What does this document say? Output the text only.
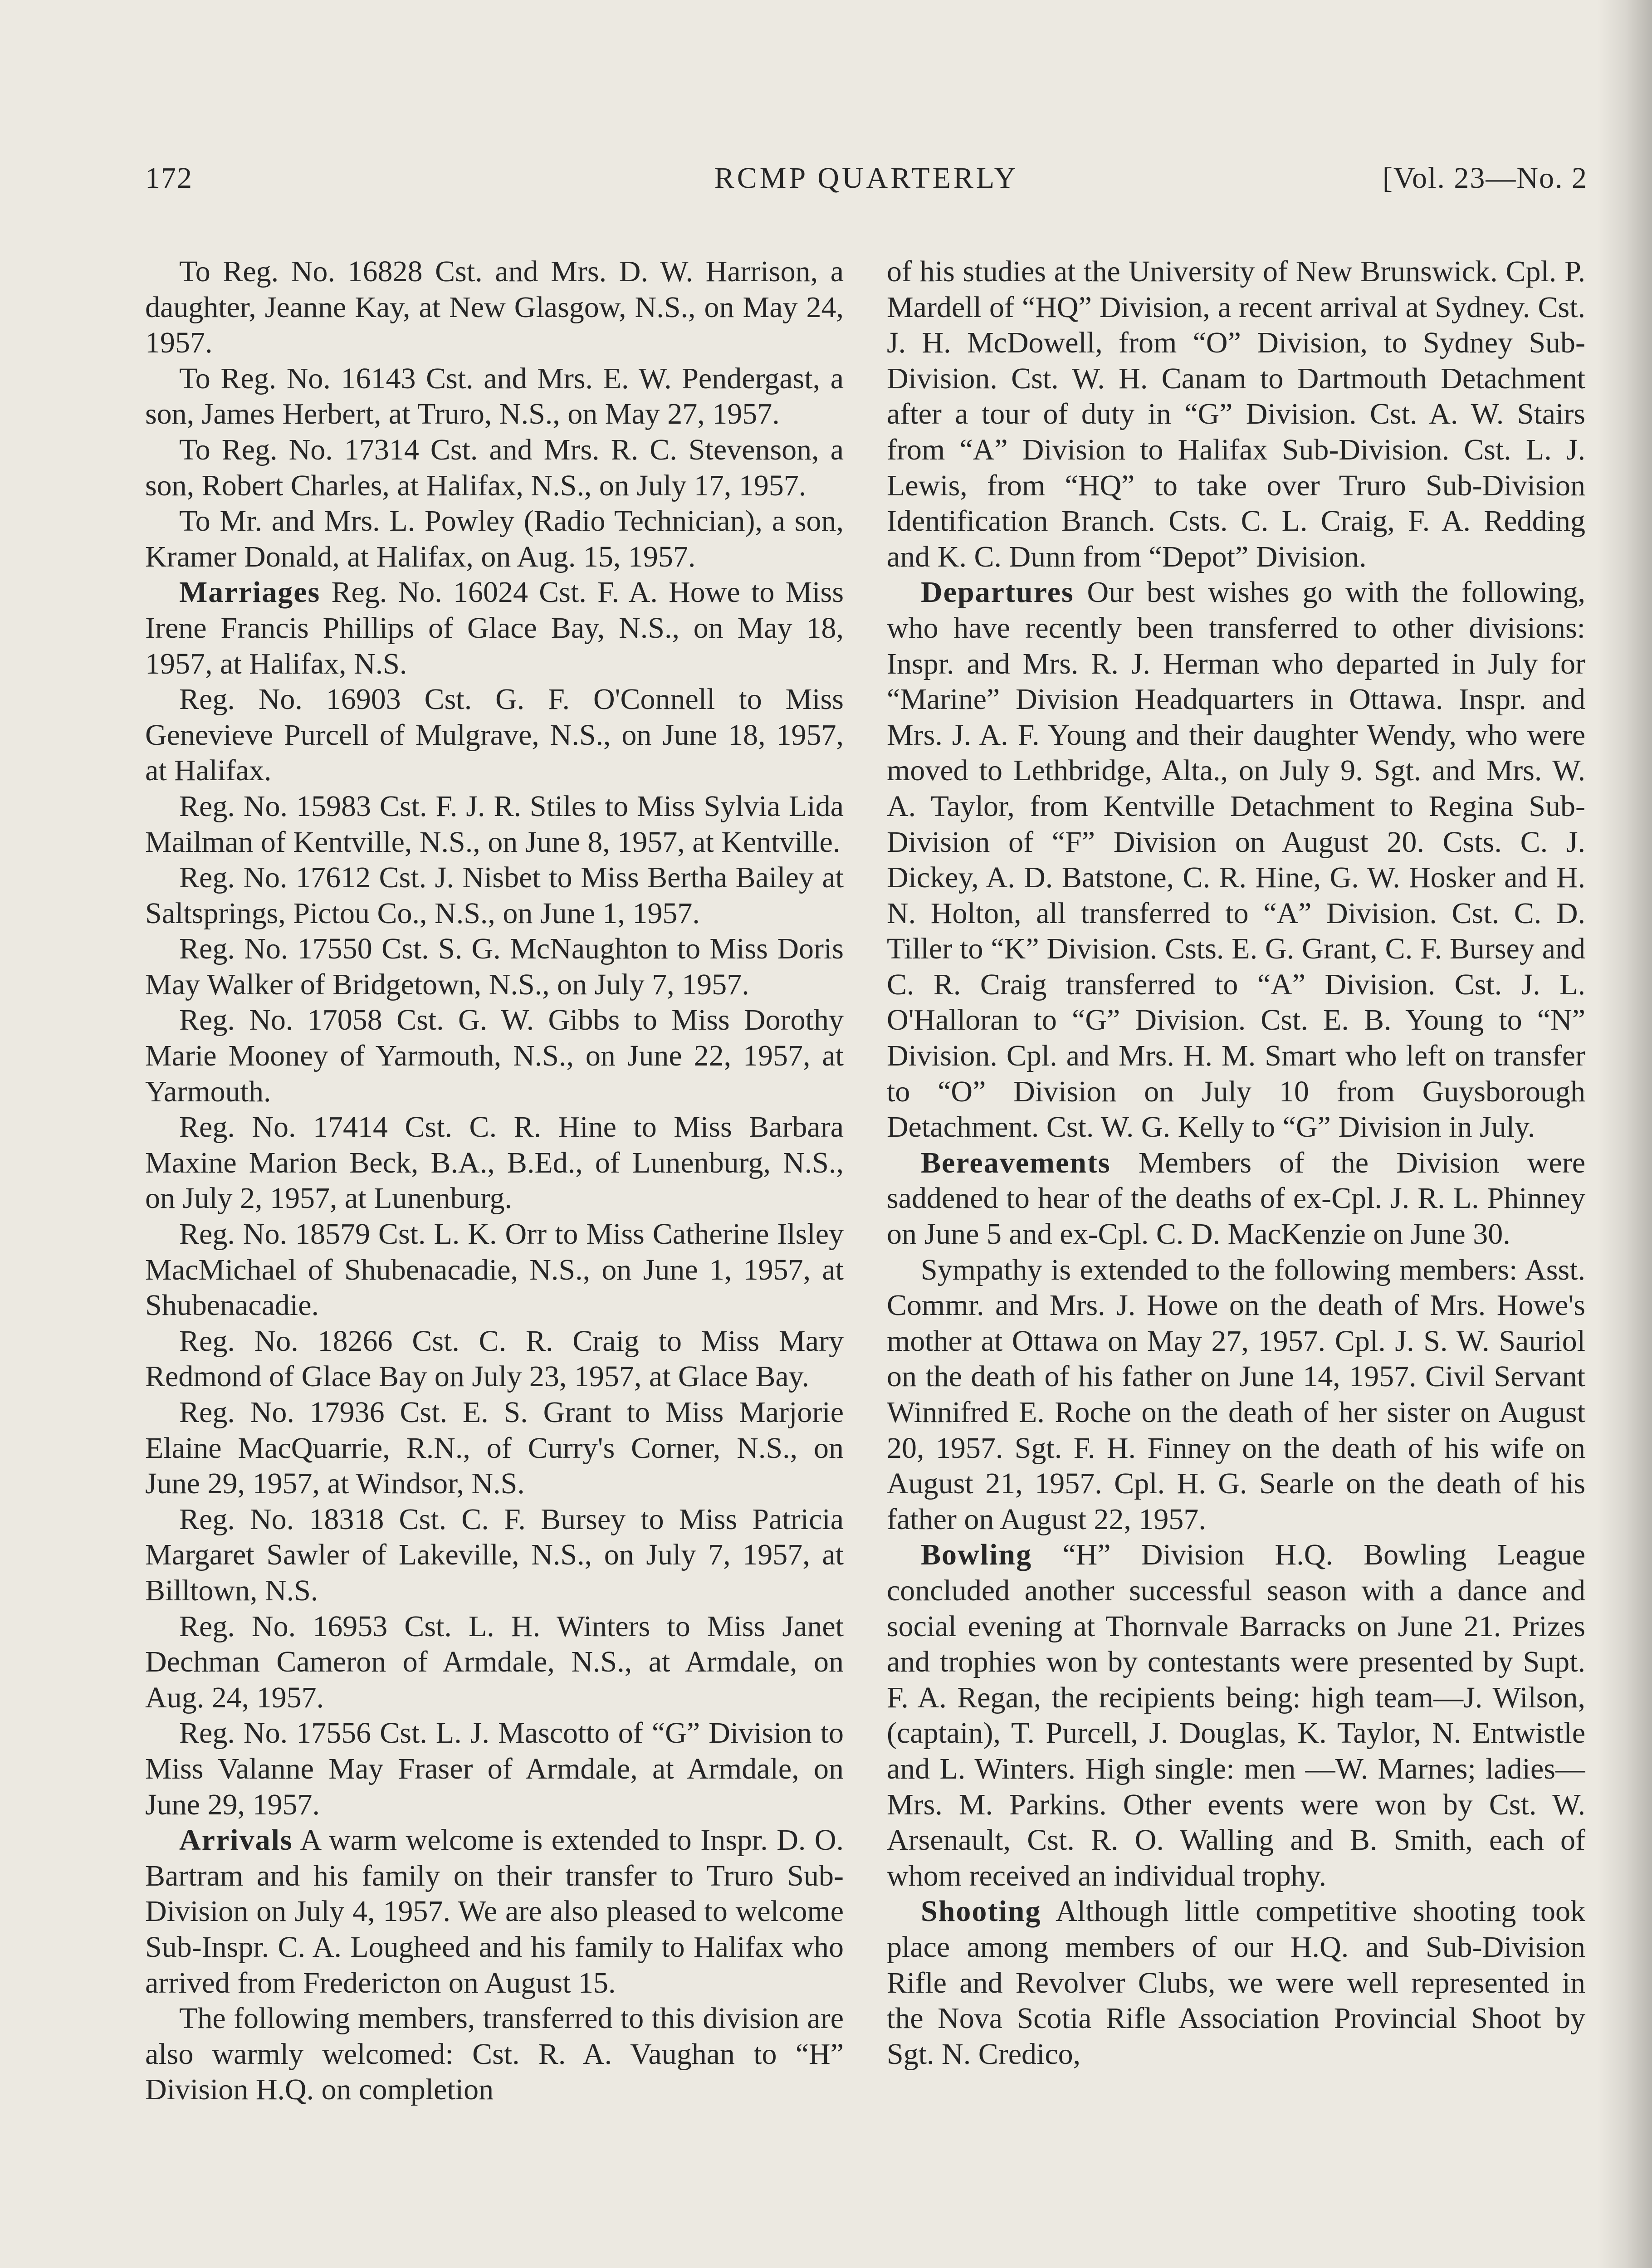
172	RCMP QUARTERLY	[Vol. 23—No. 2

To Reg. No. 16828 Cst. and Mrs. D. W. Harrison, a daughter, Jeanne Kay, at New Glasgow, N.S., on May 24, 1957.

To Reg. No. 16143 Cst. and Mrs. E. W. Pendergast, a son, James Herbert, at Truro, N.S., on May 27, 1957.

To Reg. No. 17314 Cst. and Mrs. R. C. Stevenson, a son, Robert Charles, at Halifax, N.S., on July 17, 1957.

To Mr. and Mrs. L. Powley (Radio Technician), a son, Kramer Donald, at Halifax, on Aug. 15, 1957.

Marriages Reg. No. 16024 Cst. F. A. Howe to Miss Irene Francis Phillips of Glace Bay, N.S., on May 18, 1957, at Halifax, N.S.

Reg. No. 16903 Cst. G. F. O'Connell to Miss Genevieve Purcell of Mulgrave, N.S., on June 18, 1957, at Halifax.

Reg. No. 15983 Cst. F. J. R. Stiles to Miss Sylvia Lida Mailman of Kentville, N.S., on June 8, 1957, at Kentville.

Reg. No. 17612 Cst. J. Nisbet to Miss Bertha Bailey at Saltsprings, Pictou Co., N.S., on June 1, 1957.

Reg. No. 17550 Cst. S. G. McNaughton to Miss Doris May Walker of Bridgetown, N.S., on July 7, 1957.

Reg. No. 17058 Cst. G. W. Gibbs to Miss Dorothy Marie Mooney of Yarmouth, N.S., on June 22, 1957, at Yarmouth.

Reg. No. 17414 Cst. C. R. Hine to Miss Barbara Maxine Marion Beck, B.A., B.Ed., of Lunenburg, N.S., on July 2, 1957, at Lunenburg.

Reg. No. 18579 Cst. L. K. Orr to Miss Catherine Ilsley MacMichael of Shubenacadie, N.S., on June 1, 1957, at Shubenacadie.

Reg. No. 18266 Cst. C. R. Craig to Miss Mary Redmond of Glace Bay on July 23, 1957, at Glace Bay.

Reg. No. 17936 Cst. E. S. Grant to Miss Marjorie Elaine MacQuarrie, R.N., of Curry's Corner, N.S., on June 29, 1957, at Windsor, N.S.

Reg. No. 18318 Cst. C. F. Bursey to Miss Patricia Margaret Sawler of Lakeville, N.S., on July 7, 1957, at Billtown, N.S.

Reg. No. 16953 Cst. L. H. Winters to Miss Janet Dechman Cameron of Armdale, N.S., at Armdale, on Aug. 24, 1957.

Reg. No. 17556 Cst. L. J. Mascotto of “G” Division to Miss Valanne May Fraser of Armdale, at Armdale, on June 29, 1957.

Arrivals A warm welcome is extended to Inspr. D. O. Bartram and his family on their transfer to Truro Sub-Division on July 4, 1957. We are also pleased to welcome Sub-Inspr. C. A. Lougheed and his family to Halifax who arrived from Fredericton on August 15.

The following members, transferred to this division are also warmly welcomed: Cst. R. A. Vaughan to “H” Division H.Q. on completion

of his studies at the University of New Brunswick. Cpl. P. Mardell of “HQ” Division, a recent arrival at Sydney. Cst. J. H. McDowell, from “O” Division, to Sydney Sub-Division. Cst. W. H. Canam to Dartmouth Detachment after a tour of duty in “G” Division. Cst. A. W. Stairs from “A” Division to Halifax Sub-Division. Cst. L. J. Lewis, from “HQ” to take over Truro Sub-Division Identification Branch. Csts. C. L. Craig, F. A. Redding and K. C. Dunn from “Depot” Division.

Departures Our best wishes go with the following, who have recently been transferred to other divisions: Inspr. and Mrs. R. J. Herman who departed in July for “Marine” Division Headquarters in Ottawa. Inspr. and Mrs. J. A. F. Young and their daughter Wendy, who were moved to Lethbridge, Alta., on July 9. Sgt. and Mrs. W. A. Taylor, from Kentville Detachment to Regina Sub-Division of “F” Division on August 20. Csts. C. J. Dickey, A. D. Batstone, C. R. Hine, G. W. Hosker and H. N. Holton, all transferred to “A” Division. Cst. C. D. Tiller to “K” Division. Csts. E. G. Grant, C. F. Bursey and C. R. Craig transferred to “A” Division. Cst. J. L. O'Halloran to “G” Division. Cst. E. B. Young to “N” Division. Cpl. and Mrs. H. M. Smart who left on transfer to “O” Division on July 10 from Guysborough Detachment. Cst. W. G. Kelly to “G” Division in July.

Bereavements Members of the Division were saddened to hear of the deaths of ex-Cpl. J. R. L. Phinney on June 5 and ex-Cpl. C. D. MacKenzie on June 30.

Sympathy is extended to the following members: Asst. Commr. and Mrs. J. Howe on the death of Mrs. Howe's mother at Ottawa on May 27, 1957. Cpl. J. S. W. Sauriol on the death of his father on June 14, 1957. Civil Servant Winnifred E. Roche on the death of her sister on August 20, 1957. Sgt. F. H. Finney on the death of his wife on August 21, 1957. Cpl. H. G. Searle on the death of his father on August 22, 1957.

Bowling “H” Division H.Q. Bowling League concluded another successful season with a dance and social evening at Thornvale Barracks on June 21. Prizes and trophies won by contestants were presented by Supt. F. A. Regan, the recipients being: high team—J. Wilson, (captain), T. Purcell, J. Douglas, K. Taylor, N. Entwistle and L. Winters. High single: men —W. Marnes; ladies—Mrs. M. Parkins. Other events were won by Cst. W. Arsenault, Cst. R. O. Walling and B. Smith, each of whom received an individual trophy.

Shooting Although little competitive shooting took place among members of our H.Q. and Sub-Division Rifle and Revolver Clubs, we were well represented in the Nova Scotia Rifle Association Provincial Shoot by Sgt. N. Credico,
